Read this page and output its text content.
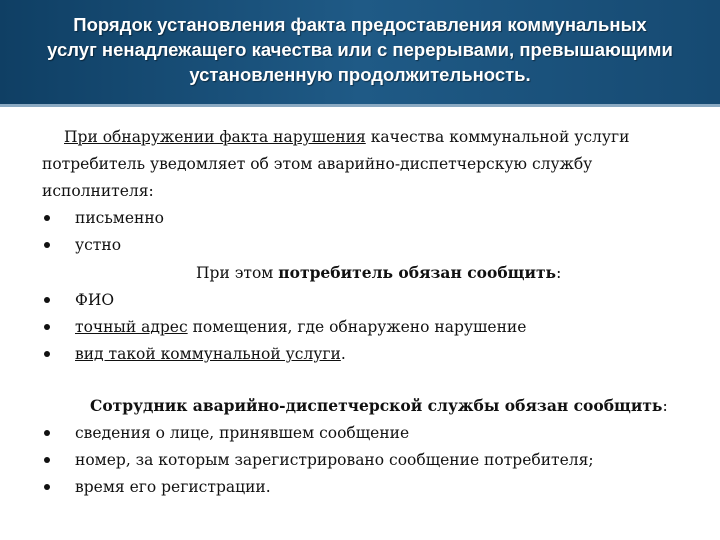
Порядок установления факта предоставления коммунальных
услуг ненадлежащего качества или с перерывами, превышающими
установленную продолжительность.

При обнаружении факта нарушения качества коммунальной услуги потребитель уведомляет об этом аварийно-диспетчерскую службу исполнителя:

письменно

устно

При этом потребитель обязан сообщить:

ФИО

точный адрес помещения, где обнаружено нарушение

вид такой коммунальной услуги.

Сотрудник аварийно-диспетчерской службы обязан сообщить:

сведения о лице, принявшем сообщение

номер, за которым зарегистрировано сообщение потребителя;

время его регистрации.
